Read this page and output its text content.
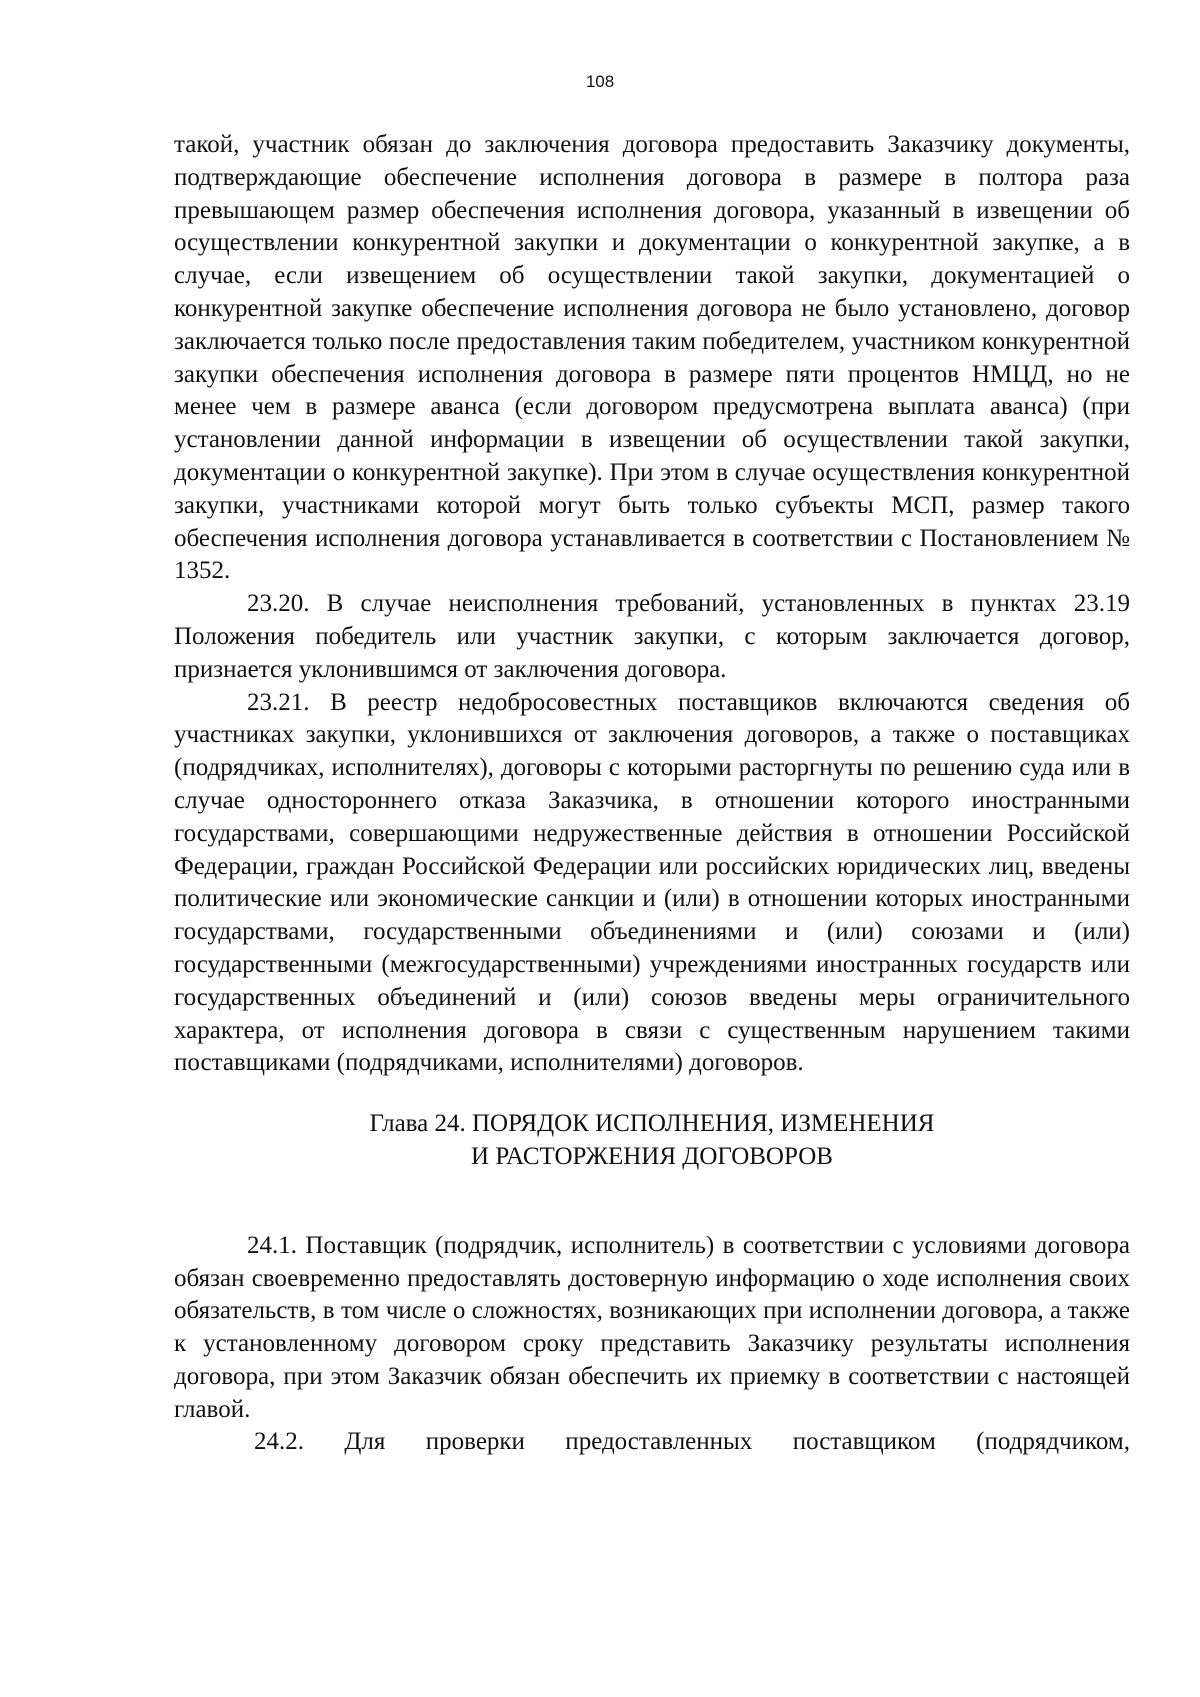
108

такой, участник обязан до заключения договора предоставить Заказчику документы, подтверждающие обеспечение исполнения договора в размере в полтора раза превышающем размер обеспечения исполнения договора, указанный в извещении об осуществлении конкурентной закупки и документации о конкурентной закупке, а в случае, если извещением об осуществлении такой закупки, документацией о конкурентной закупке обеспечение исполнения договора не было установлено, договор заключается только после предоставления таким победителем, участником конкурентной закупки обеспечения исполнения договора в размере пяти процентов НМЦД, но не менее чем в размере аванса (если договором предусмотрена выплата аванса) (при установлении данной информации в извещении об осуществлении такой закупки, документации о конкурентной закупке). При этом в случае осуществления конкурентной закупки, участниками которой могут быть только субъекты МСП, размер такого обеспечения исполнения договора устанавливается в соответствии с Постановлением № 1352.

23.20. В случае неисполнения требований, установленных в пунктах 23.19 Положения победитель или участник закупки, с которым заключается договор, признается уклонившимся от заключения договора.

23.21. В реестр недобросовестных поставщиков включаются сведения об участниках закупки, уклонившихся от заключения договоров, а также о поставщиках (подрядчиках, исполнителях), договоры с которыми расторгнуты по решению суда или в случае одностороннего отказа Заказчика, в отношении которого иностранными государствами, совершающими недружественные действия в отношении Российской Федерации, граждан Российской Федерации или российских юридических лиц, введены политические или экономические санкции и (или) в отношении которых иностранными государствами, государственными объединениями и (или) союзами и (или) государственными (межгосударственными) учреждениями иностранных государств или государственных объединений и (или) союзов введены меры ограничительного характера, от исполнения договора в связи с существенным нарушением такими поставщиками (подрядчиками, исполнителями) договоров.

Глава 24. ПОРЯДОК ИСПОЛНЕНИЯ, ИЗМЕНЕНИЯ
И РАСТОРЖЕНИЯ ДОГОВОРОВ

24.1. Поставщик (подрядчик, исполнитель) в соответствии с условиями договора обязан своевременно предоставлять достоверную информацию о ходе исполнения своих обязательств, в том числе о сложностях, возникающих при исполнении договора, а также к установленному договором сроку представить Заказчику результаты исполнения договора, при этом Заказчик обязан обеспечить их приемку в соответствии с настоящей главой.

24.2. Для проверки предоставленных поставщиком (подрядчиком,
